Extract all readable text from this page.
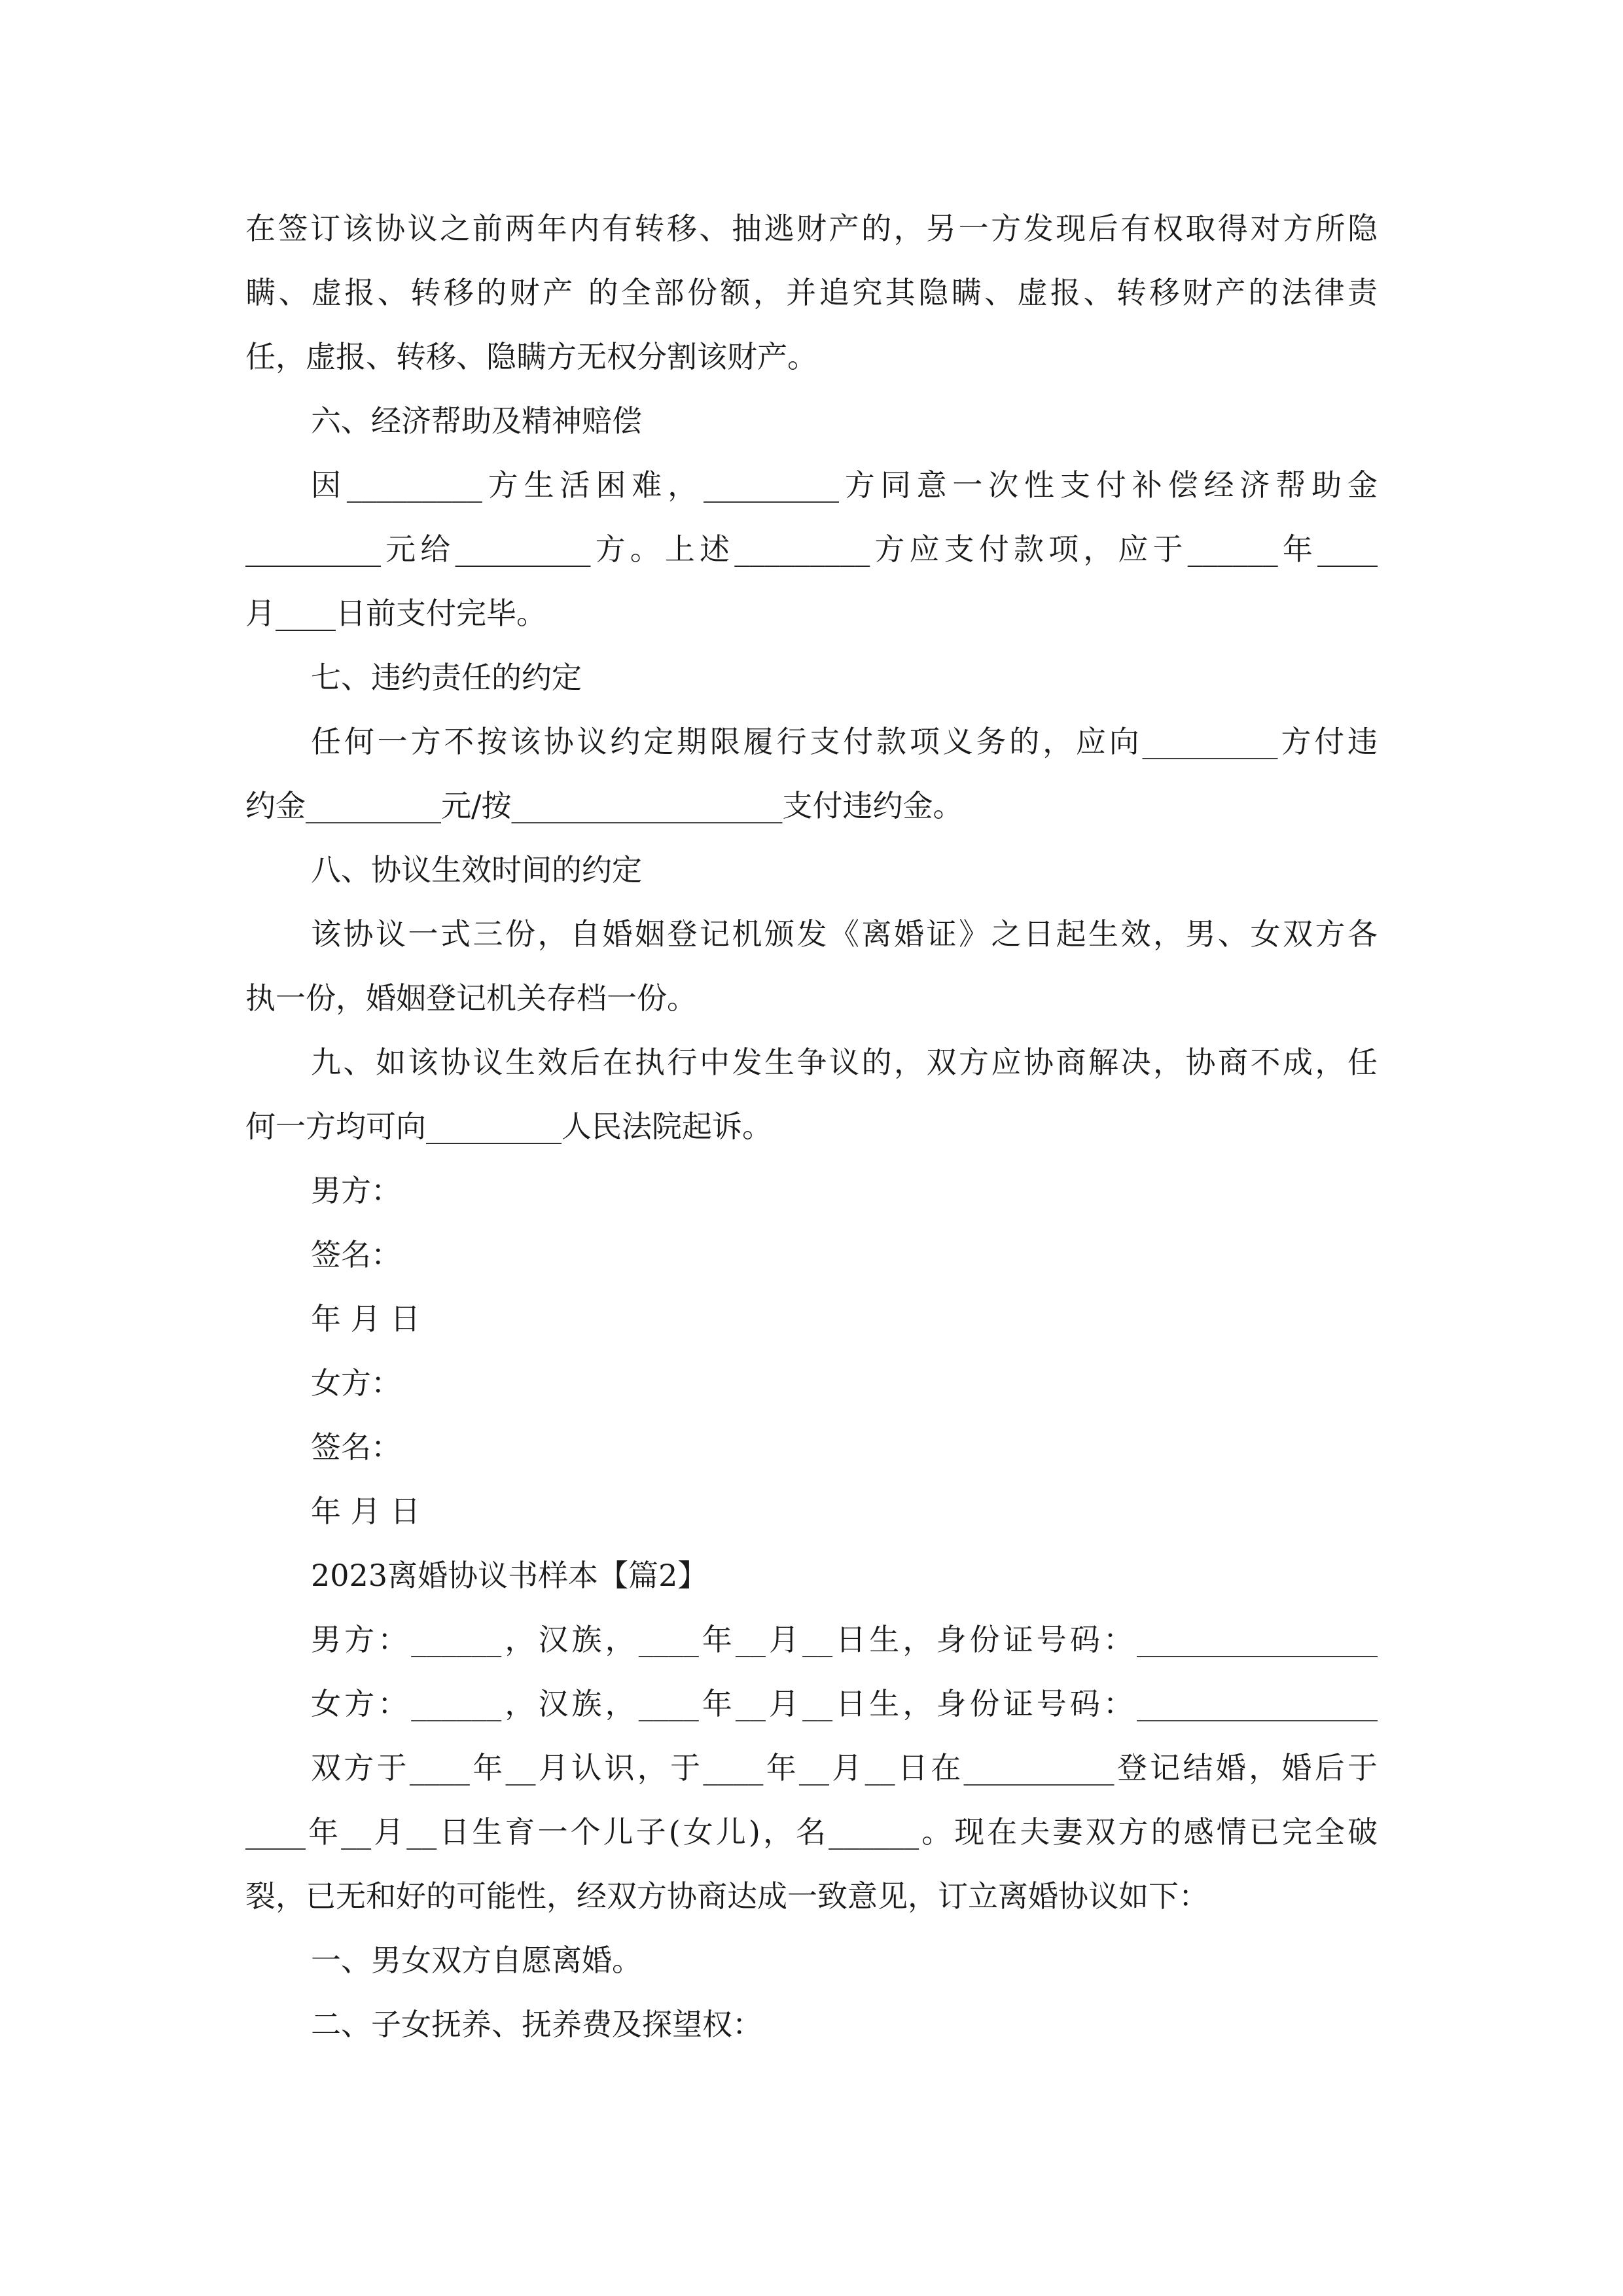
在签订该协议之前两年内有转移、抽逃财产的，另一方发现后有权取得对方所隐
瞒、虚报、转移的财产 的全部份额，并追究其隐瞒、虚报、转移财产的法律责
任，虚报、转移、隐瞒方无权分割该财产。
六、经济帮助及精神赔偿
因_________方生活困难，_________方同意一次性支付补偿经济帮助金
_________元给_________方。上述_________方应支付款项，应于______年____
月____日前支付完毕。
七、违约责任的约定
任何一方不按该协议约定期限履行支付款项义务的，应向_________方付违
约金_________元/按__________________支付违约金。
八、协议生效时间的约定
该协议一式三份，自婚姻登记机颁发《离婚证》之日起生效，男、女双方各
执一份，婚姻登记机关存档一份。
九、如该协议生效后在执行中发生争议的，双方应协商解决，协商不成，任
何一方均可向_________人民法院起诉。
男方：
签名：
年 月 日
女方：
签名：
年 月 日
2023离婚协议书样本【篇2】
男方：______，汉族，____年__月__日生，身份证号码：________________
女方：______，汉族，____年__月__日生，身份证号码：________________
双方于____年__月认识，于____年__月__日在__________登记结婚，婚后于
____年__月__日生育一个儿子(女儿)，名______。现在夫妻双方的感情已完全破
裂，已无和好的可能性，经双方协商达成一致意见，订立离婚协议如下：
一、男女双方自愿离婚。
二、子女抚养、抚养费及探望权：
